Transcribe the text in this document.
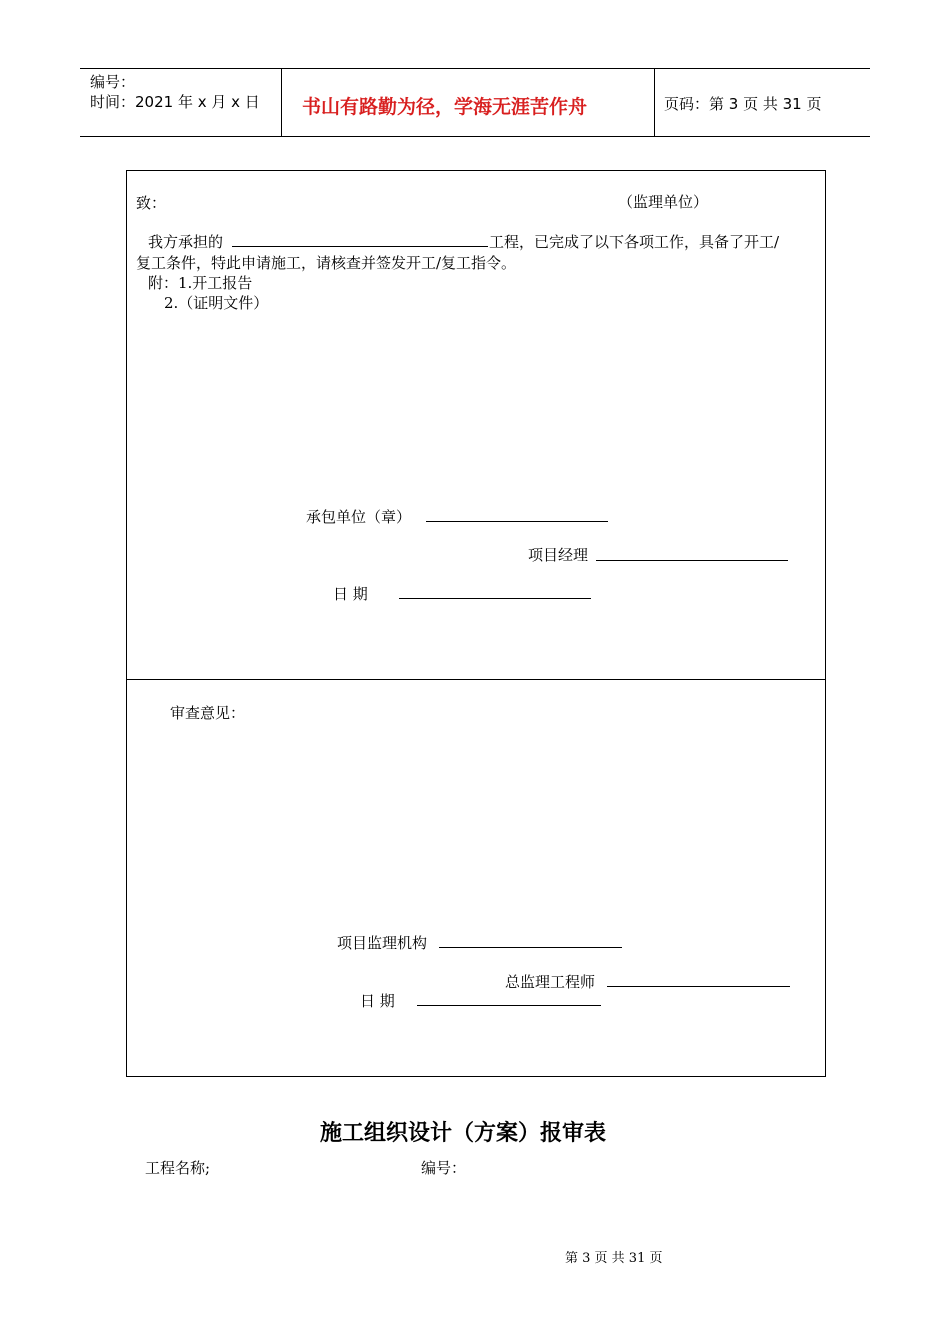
编号：
时间：2021 年 x 月 x 日 书山有路勤为径，学海无涯苦作舟	页码：第 3 页 共 31 页
致：	（监理单位）
我方承担的	工程，已完成了以下各项工作，具备了开工/
复工条件，特此申请施工，请核查并签发开工/复工指令。
附：1.开工报告
2.（证明文件）
承包单位（章）
项目经理
日 期
审查意见：
项目监理机构
总监理工程师
日 期
施工组织设计（方案）报审表
工程名称;	编号：
第 3 页 共 31 页
